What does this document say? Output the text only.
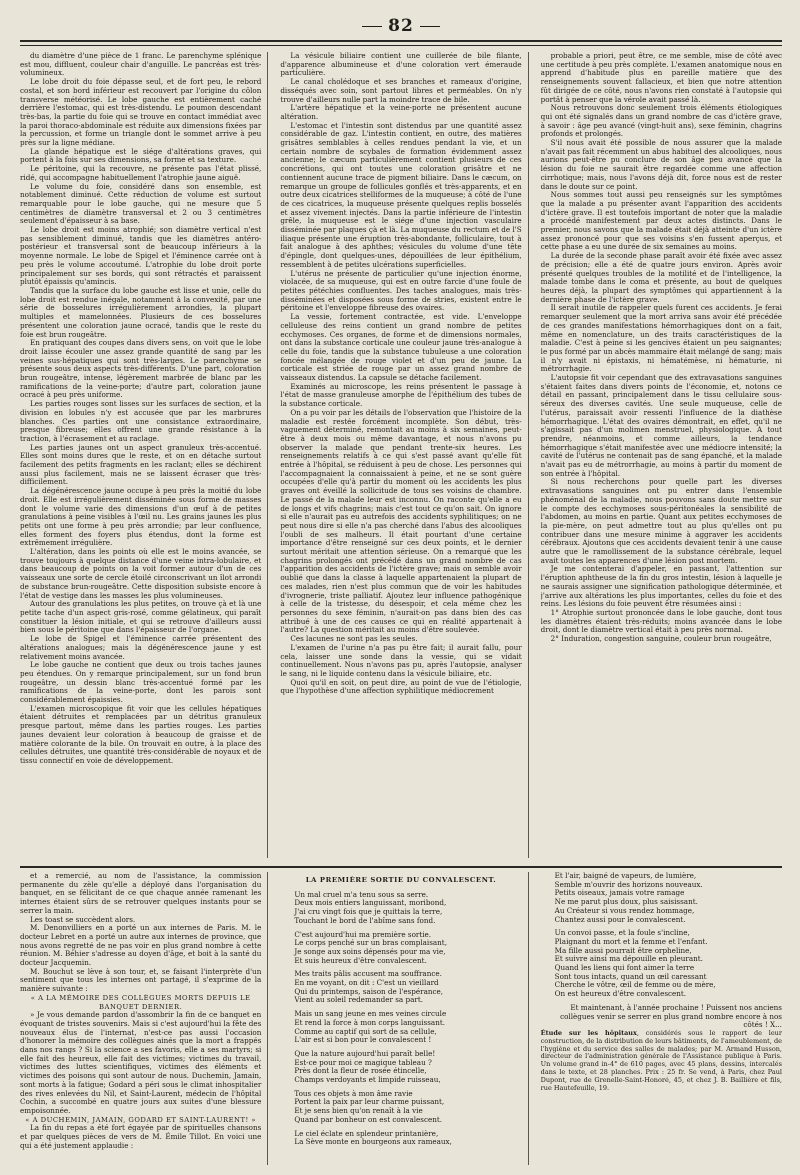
82

du diamètre d'une pièce de 1 franc. Le parenchyme splénique est mou, diffluent, couleur chair d'anguille. Le pancréas est très-volumineux.

Le lobe droit du foie dépasse seul, et de fort peu, le rebord costal, et son bord inférieur est recouvert par l'origine du côlon transverse météorisé. Le lobe gauche est entièrement caché derrière l'estomac, qui est très-distendu. Le poumon descendant très-bas, la partie du foie qui se trouve en contact immédiat avec la paroi thoraco-abdominale est réduite aux dimensions fixées par la percussion, et forme un triangle dont le sommet arrive à peu près sur la ligne médiane.

La glande hépatique est le siége d'altérations graves, qui portent à la fois sur ses dimensions, sa forme et sa texture.

Le péritoine, qui la recouvre, ne présente pas l'état plissé, ridé, qui accompagne habituellement l'atrophie jaune aiguë.

Le volume du foie, considéré dans son ensemble, est notablement diminué. Cette réduction de volume est surtout remarquable pour le lobe gauche, qui ne mesure que 5 centimètres de diamètre transversal et 2 ou 3 centimètres seulement d'épaisseur à sa base.

Le lobe droit est moins atrophié; son diamètre vertical n'est pas sensiblement diminué, tandis que les diamètres antéro-postérieur et transversal sont de beaucoup inférieurs à la moyenne normale. Le lobe de Spigel et l'éminence carrée ont à peu près le volume accoutumé. L'atrophie du lobe droit porte principalement sur ses bords, qui sont rétractés et paraissent plutôt épaissis qu'amincis.

Tandis que la surface du lobe gauche est lisse et unie, celle du lobe droit est rendue inégale, notamment à la convexité, par une série de bosselures irrégulièrement arrondies, la plupart multiples et mamelonnées. Plusieurs de ces bosselures présentent une coloration jaune ocracé, tandis que le reste du foie est brun rougeâtre.

En pratiquant des coupes dans divers sens, on voit que le lobe droit laisse écouler une assez grande quantité de sang par les veines sus-hépatiques qui sont très-larges. Le parenchyme se présente sous deux aspects très-différents. D'une part, coloration brun rougeâtre, intense, légèrement marbrée de blanc par les ramifications de la veine-porte; d'autre part, coloration jaune ocracé à peu près uniforme.

Les parties rouges sont lisses sur les surfaces de section, et la division en lobules n'y est accusée que par les marbrures blanches. Ces parties ont une consistance extraordinaire, presque fibreuse; elles offrent une grande résistance à la traction, à l'écrasement et au raclage.

Les parties jaunes ont un aspect granuleux très-accentué. Elles sont moins dures que le reste, et on en détache surtout facilement des petits fragments en les raclant; elles se déchirent aussi plus facilement, mais ne se laissent écraser que très-difficilement.

La dégénérescence jaune occupe à peu près la moitié du lobe droit. Elle est irrégulièrement disséminée sous forme de masses dont le volume varie des dimensions d'un œuf à de petites granulations à peine visibles à l'œil nu. Les grains jaunes les plus petits ont une forme à peu près arrondie; par leur confluence, elles forment des foyers plus étendus, dont la forme est extrêmement irrégulière.

L'altération, dans les points où elle est le moins avancée, se trouve toujours à quelque distance d'une veine intra-lobulaire, et dans beaucoup de points on la voit former autour d'un de ces vaisseaux une sorte de cercle étoilé circonscrivant un îlot arrondi de substance brun-rougeâtre. Cette disposition subsiste encore à l'état de vestige dans les masses les plus volumineuses.

Autour des granulations les plus petites, on trouve çà et là une petite tache d'un aspect gris-rosé, comme gélatineux, qui paraît constituer la lésion initiale, et qui se retrouve d'ailleurs aussi bien sous le péritoine que dans l'épaisseur de l'organe.

Le lobe de Spigel et l'éminence carrée présentent des altérations analogues; mais la dégénérescence jaune y est relativement moins avancée.

Le lobe gauche ne contient que deux ou trois taches jaunes peu étendues. On y remarque principalement, sur un fond brun rougeâtre, un dessin blanc très-accentué formé par les ramifications de la veine-porte, dont les parois sont considérablement épaissies.

L'examen microscopique fit voir que les cellules hépatiques étaient détruites et remplacées par un détritus granuleux presque partout, même dans les parties rouges. Les parties jaunes devaient leur coloration à beaucoup de graisse et de matière colorante de la bile. On trouvait en outre, à la place des cellules détruites, une quantité très-considérable de noyaux et de tissu connectif en voie de développement.

La vésicule biliaire contient une cuillerée de bile filante, d'apparence albumineuse et d'une coloration vert émeraude particulière.

Le canal cholédoque et ses branches et rameaux d'origine, disséqués avec soin, sont partout libres et perméables. On n'y trouve d'ailleurs nulle part la moindre trace de bile.

L'artère hépatique et la veine-porte ne présentent aucune altération.

L'estomac et l'intestin sont distendus par une quantité assez considérable de gaz. L'intestin contient, en outre, des matières grisâtres semblables à celles rendues pendant la vie, et un certain nombre de scybales de formation évidemment assez ancienne; le cæcum particulièrement contient plusieurs de ces concrétions, qui ont toutes une coloration grisâtre et ne contiennent aucune trace de pigment biliaire. Dans le cæcum, on remarque un groupe de follicules gonflés et très-apparents, et en outre deux cicatrices stelliformes de la muqueuse; à côté de l'une de ces cicatrices, la muqueuse présente quelques replis bosselés et assez vivement injectés. Dans la partie inférieure de l'intestin grêle, la muqueuse est le siége d'une injection vasculaire disséminée par plaques çà et là. La muqueuse du rectum et de l'S iliaque présente une éruption très-abondante, folliculaire, tout à fait analogue à des aphthes; vésicules du volume d'une tête d'épingle, dont quelques-unes, dépouillées de leur épithélium, ressemblent à de petites ulcérations superficielles.

L'utérus ne présente de particulier qu'une injection énorme, violacée, de sa muqueuse, qui est en outre farcie d'une foule de petites pétéchies confluentes. Des taches analogues, mais très-disséminées et disposées sous forme de stries, existent entre le péritoine et l'enveloppe fibreuse des ovaires.

La vessie, fortement contractée, est vide. L'enveloppe celluleuse des reins contient un grand nombre de petites ecchymoses. Ces organes, de forme et de dimensions normales, ont dans la substance corticale une couleur jaune très-analogue à celle du foie, tandis que la substance tubuleuse a une coloration foncée mélangée de rouge violet et d'un peu de jaune. La corticale est striée de rouge par un assez grand nombre de vaisseaux distendus. La capsule se détache facilement.

Examinés au microscope, les reins présentent le passage à l'état de masse granuleuse amorphe de l'épithélium des tubes de la substance corticale.

On a pu voir par les détails de l'observation que l'histoire de la maladie est restée forcément incomplète. Son début, très-vaguement déterminé, remontait au moins à six semaines, peut-être à deux mois ou même davantage, et nous n'avons pu observer la malade que pendant trente-six heures. Les renseignements relatifs à ce qui s'est passé avant qu'elle fût entrée à l'hôpital, se réduisent à peu de chose. Les personnes qui l'accompagnaient la connaissaient à peine, et ne se sont guère occupées d'elle qu'à partir du moment où les accidents les plus graves ont éveillé la sollicitude de tous ses voisins de chambre. Le passé de la malade leur est inconnu. On raconte qu'elle a eu de longs et vifs chagrins; mais c'est tout ce qu'on sait. On ignore si elle n'aurait pas eu autrefois des accidents syphilitiques; on ne peut nous dire si elle n'a pas cherché dans l'abus des alcooliques l'oubli de ses malheurs. Il était pourtant d'une certaine importance d'être renseigné sur ces deux points, et le dernier surtout méritait une attention sérieuse. On a remarqué que les chagrins prolongés ont précédé dans un grand nombre de cas l'apparition des accidents de l'ictère grave; mais on semble avoir oublié que dans la classe à laquelle appartenaient la plupart de ces malades, rien n'est plus commun que de voir les habitudes d'ivrognerie, triste palliatif. Ajoutez leur influence pathogénique à celle de la tristesse, du désespoir, et cela même chez les personnes du sexe féminin, n'aurait-on pas dans bien des cas attribué à une de ces causes ce qui en réalité appartenait à l'autre? La question méritait au moins d'être soulevée.

Ces lacunes ne sont pas les seules.

L'examen de l'urine n'a pas pu être fait; il aurait fallu, pour cela, laisser une sonde dans la vessie, qui se vidait continuellement. Nous n'avons pas pu, après l'autopsie, analyser le sang, ni le liquide contenu dans la vésicule biliaire, etc.

Quoi qu'il en soit, on peut dire, au point de vue de l'étiologie, que l'hypothèse d'une affection syphilitique médiocrement

probable a priori, peut être, ce me semble, mise de côté avec une certitude à peu près complète. L'examen anatomique nous en apprend d'habitude plus en pareille matière que des renseignements souvent fallacieux, et bien que notre attention fût dirigée de ce côté, nous n'avons rien constaté à l'autopsie qui portât à penser que la vérole avait passé là.

Nous retrouvons donc seulement trois éléments étiologiques qui ont été signalés dans un grand nombre de cas d'ictère grave, à savoir : âge peu avancé (vingt-huit ans), sexe féminin, chagrins profonds et prolongés.

S'il nous avait été possible de nous assurer que la malade n'avait pas fait récemment un abus habituel des alcooliques, nous aurions peut-être pu conclure de son âge peu avancé que la lésion du foie ne saurait être regardée comme une affection cirrhotique; mais, nous l'avons déjà dit, force nous est de rester dans le doute sur ce point.

Nous sommes tout aussi peu renseignés sur les symptômes que la malade a pu présenter avant l'apparition des accidents d'ictère grave. Il est toutefois important de noter que la maladie a procédé manifestement par deux actes distincts. Dans le premier, nous savons que la malade était déjà atteinte d'un ictère assez prononcé pour que ses voisins s'en fussent aperçus, et cette phase a eu une durée de six semaines au moins.

La durée de la seconde phase paraît avoir été fixée avec assez de précision; elle a été de quatre jours environ. Après avoir présenté quelques troubles de la motilité et de l'intelligence, la malade tombe dans le coma et présente, au bout de quelques heures déjà, la plupart des symptômes qui appartiennent à la dernière phase de l'ictère grave.

Il serait inutile de rappeler quels furent ces accidents. Je ferai remarquer seulement que la mort arriva sans avoir été précédée de ces grandes manifestations hémorrhagiques dont on a fait, même en nomenclature, un des traits caractéristiques de la maladie. C'est à peine si les gencives étaient un peu saignantes; le pus formé par un abcès mammaire était mélangé de sang; mais il n'y avait ni épistaxis, ni hématémèse, ni hématurie, ni métrorrhagie.

L'autopsie fit voir cependant que des extravasations sanguines s'étaient faites dans divers points de l'économie, et, notons ce détail en passant, principalement dans le tissu cellulaire sous-séreux des diverses cavités. Une seule muqueuse, celle de l'utérus, paraissait avoir ressenti l'influence de la diathèse hémorrhagique. L'état des ovaires démontrait, en effet, qu'il ne s'agissait pas d'un molimen menstruel, physiologique. A tout prendre, néanmoins, et comme ailleurs, la tendance hémorrhagique s'était manifestée avec une médiocre intensité; la cavité de l'utérus ne contenait pas de sang épanché, et la malade n'avait pas eu de métrorrhagie, au moins à partir du moment de son entrée à l'hôpital.

Si nous recherchons pour quelle part les diverses extravasations sanguines ont pu entrer dans l'ensemble phénoménal de la maladie, nous pouvons sans doute mettre sur le compte des ecchymoses sous-péritonéales la sensibilité de l'abdomen, au moins en partie. Quant aux petites ecchymoses de la pie-mère, on peut admettre tout au plus qu'elles ont pu contribuer dans une mesure minime à aggraver les accidents cérébraux. Ajoutons que ces accidents devaient tenir à une cause autre que le ramollissement de la substance cérébrale, lequel avait toutes les apparences d'une lésion post mortem.

Je me contenterai d'appeler, en passant, l'attention sur l'éruption aphtheuse de la fin du gros intestin, lésion à laquelle je ne saurais assigner une signification pathologique déterminée, et j'arrive aux altérations les plus importantes, celles du foie et des reins. Les lésions du foie peuvent être résumées ainsi :

1° Atrophie surtout prononcée dans le lobe gauche, dont tous les diamètres étaient très-réduits; moins avancée dans le lobe droit, dont le diamètre vertical était à peu près normal.

2° Induration, congestion sanguine, couleur brun rougeâtre,

et a remercié, au nom de l'assistance, la commission permanente du zèle qu'elle a déployé dans l'organisation du banquet, en se félicitant de ce que chaque année ramenant les internes étaient sûrs de se retrouver quelques instants pour se serrer la main.

Les toast se succèdent alors.

M. Denonvilliers en a porté un aux internes de Paris. M. le docteur Lebret en a porté un autre aux internes de province, que nous avons regretté de ne pas voir en plus grand nombre à cette réunion. M. Béhier s'adresse au doyen d'âge, et boit à la santé du docteur Jacquemin.

M. Bouchut se lève à son tour, et, se faisant l'interprète d'un sentiment que tous les internes ont partagé, il s'exprime de la manière suivante :

« A LA MÉMOIRE DES COLLÈGUES MORTS DEPUIS LE BANQUET DERNIER.

» Je vous demande pardon d'assombrir la fin de ce banquet en évoquant de tristes souvenirs. Mais si c'est aujourd'hui la fête des nouveaux élus de l'internat, n'est-ce pas aussi l'occasion d'honorer la mémoire des collègues ainés que la mort a frappés dans nos rangs ? Si la science a ses favoris, elle a ses martyrs; si elle fait des heureux, elle fait des victimes; victimes du travail, victimes des luttes scientifiques, victimes des éléments et victimes des poisons qui sont autour de nous. Duchemin, Jamain, sont morts à la fatigue; Godard a péri sous le climat inhospitalier des rives enlevées du Nil, et Saint-Laurent, médecin de l'hôpital Cochin, a succombé en quatre jours aux suites d'une blessure empoisonnée.

« A DUCHEMIN, JAMAIN, GODARD ET SAINT-LAURENT! »

La fin du repas a été fort égayée par de spirituelles chansons et par quelques pièces de vers de M. Émile Tillot. En voici une qui a été justement applaudie :

LA PREMIÈRE SORTIE DU CONVALESCENT.
Un mal cruel m'a tenu sous sa serre.
Deux mois entiers languissant, moribond,
J'ai cru vingt fois que je quittais la terre,
Touchant le bord de l'abîme sans fond.
C'est aujourd'hui ma première sortie.
Le corps penché sur un bras complaisant,
Je songe aux soins dépensés pour ma vie,
Et suis heureux d'être convalescent.
Mes traits pâlis accusent ma souffrance.
En me voyant, on dit : C'est un vieillard
Qui du printemps, saison de l'espérance,
Vient au soleil redemander sa part.
Mais un sang jeune en mes veines circule
Et rend la force à mon corps languissant.
Comme au captif qui sort de sa cellule,
L'air est si bon pour le convalescent !
Que la nature aujourd'hui paraît belle!
Est-ce pour moi ce magique tableau ?
Près dont la fleur de rosée étincelle,
Champs verdoyants et limpide ruisseau,
Tous ces objets à mon âme ravie
Portent la paix par leur charme puissant,
Et je sens bien qu'on renaît à la vie
Quand par bonheur on est convalescent.
Le ciel éclate en splendeur printanière,
La Sève monte en bourgeons aux rameaux,
Et l'air, baigné de vapeurs, de lumière,
Semble m'ouvrir des horizons nouveaux.
Petits oiseaux, jamais votre ramage
Ne me parut plus doux, plus saisissant.
Au Créateur si vous rendez hommage,
Chantez aussi pour le convalescent.
Un convoi passe, et la foule s'incline,
Plaignant du mort et la femme et l'enfant.
Ma fille aussi pourrait être orpheline,
Et suivre ainsi ma dépouille en pleurant.
Quand les liens qui font aimer la terre
Sont tous intacts, quand un œil caressant
Cherche le vôtre, œil de femme ou de mère,
On est heureux d'être convalescent.

Et maintenant, à l'année prochaine ! Puissent nos anciens collègues venir se serrer en plus grand nombre encore à nos côtés ! X...

Étude sur les hôpitaux, considérés sous le rapport de leur construction, de la distribution de leurs bâtiments, de l'ameublement, de l'hygiène et du service des salles de malades; par M. Armand Husson, directeur de l'administration générale de l'Assistance publique à Paris. Un volume grand in-4° de 610 pages, avec 45 plans, dessins, intercalés dans le texte, et 28 planches. Prix : 25 fr. Se vend, à Paris, chez Paul Dupont, rue de Grenelle-Saint-Honoré, 45, et chez J. B. Baillière et fils, rue Hautefeuille, 19.
